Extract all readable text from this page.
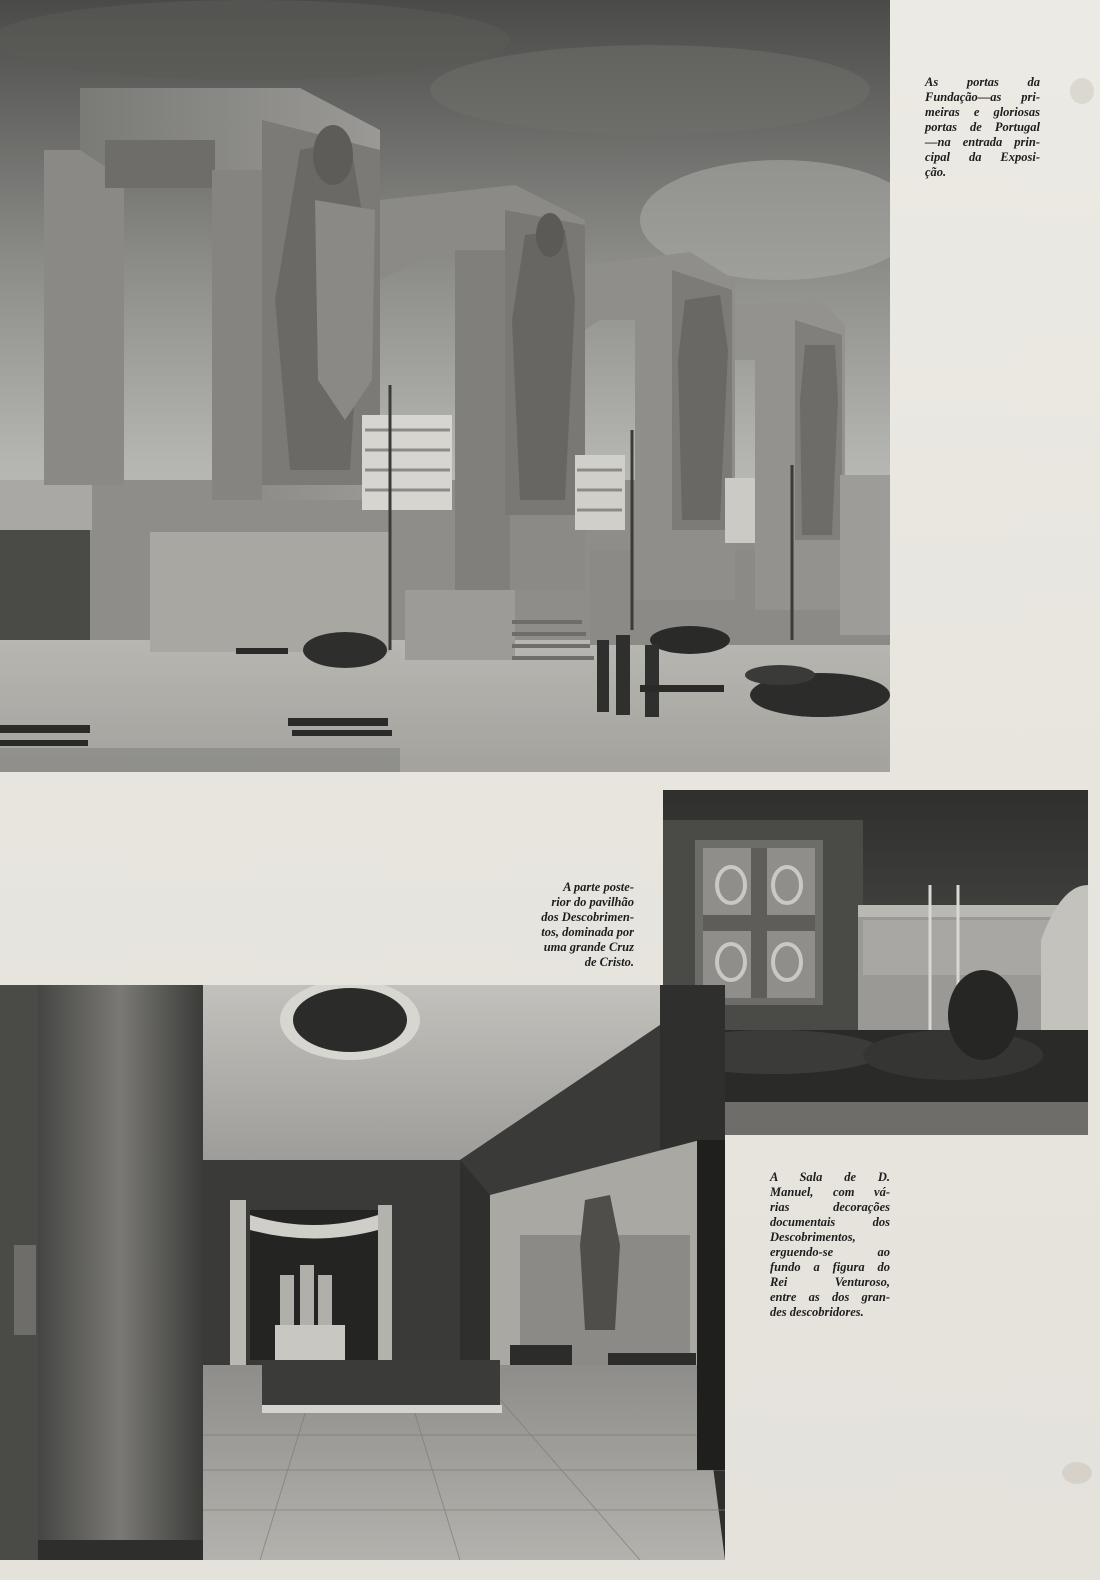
As portas da
Fundação—as pri-
meiras e gloriosas
portas de Portugal
—na entrada prin-
cipal da Exposi-
ção.

A parte poste-
rior do pavilhão
dos Descobrimen-
tos, dominada por
uma grande Cruz
de Cristo.

A Sala de D.
Manuel, com vá-
rias decorações
documentais dos
Descobrimentos,
erguendo-se ao
fundo a figura do
Rei Venturoso,
entre as dos gran-
des descobridores.
